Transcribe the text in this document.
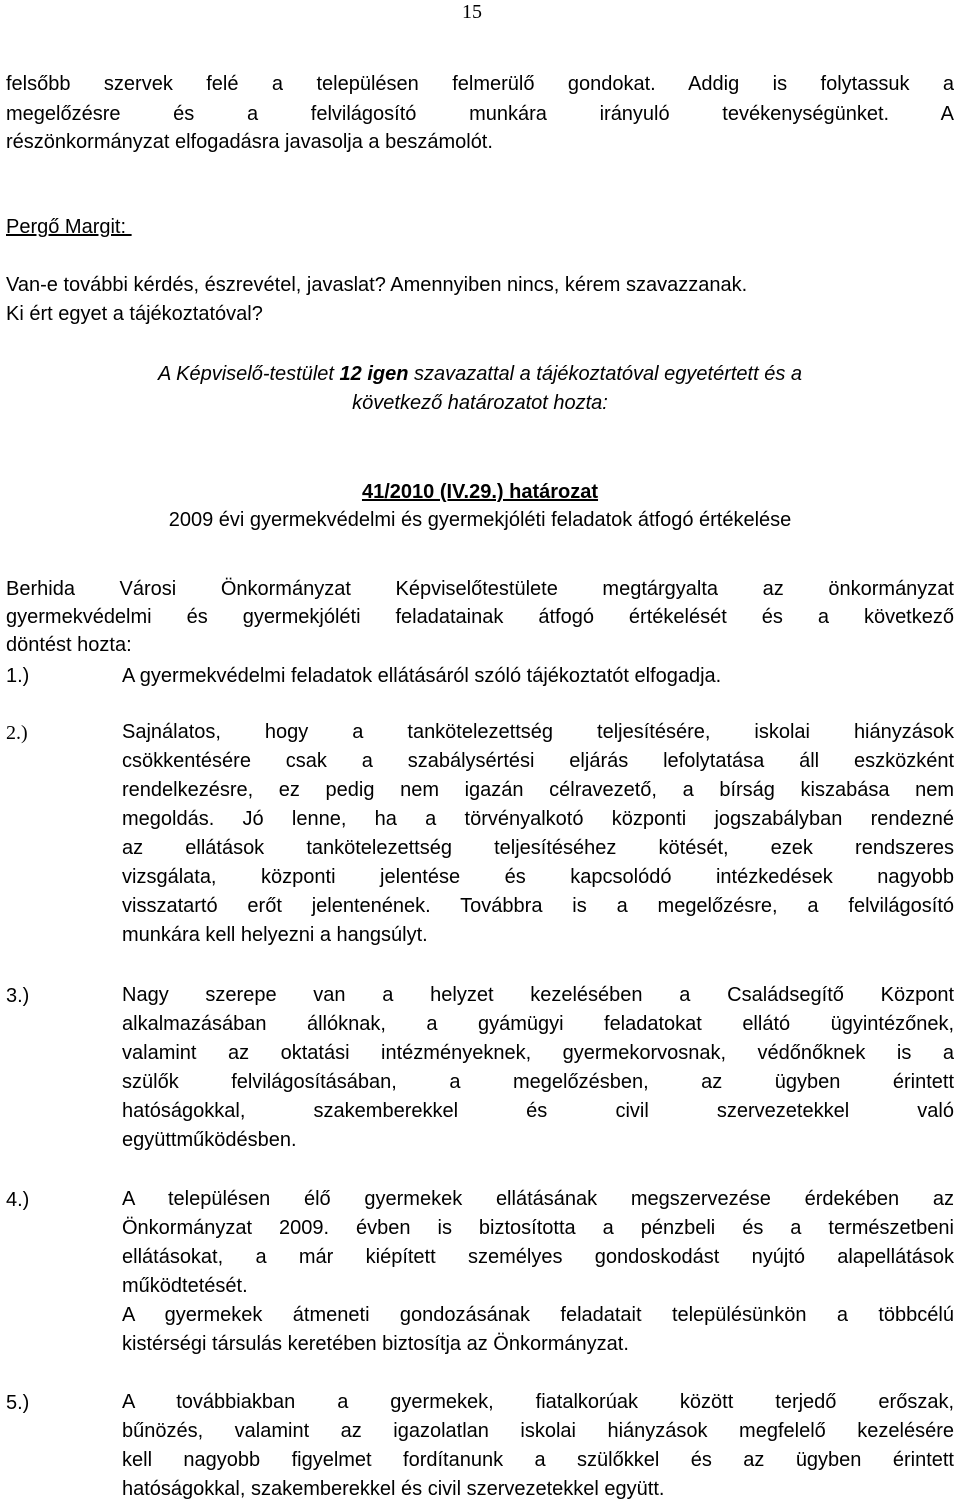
15
felsőbb szervek felé a településen felmerülő gondokat. Addig is folytassuk a
megelőzésre és a felvilágosító munkára irányuló tevékenységünket. A
részönkormányzat elfogadásra javasolja a beszámolót.
Pergő Margit:
Van-e további kérdés, észrevétel, javaslat? Amennyiben nincs, kérem szavazzanak.
Ki ért egyet a tájékoztatóval?
A Képviselő-testület 12 igen szavazattal a tájékoztatóval egyetértett és a
következő határozatot hozta:
41/2010 (IV.29.) határozat
2009 évi gyermekvédelmi és gyermekjóléti feladatok átfogó értékelése
Berhida Városi Önkormányzat Képviselőtestülete megtárgyalta az önkormányzat
gyermekvédelmi és gyermekjóléti feladatainak átfogó értékelését és a következő
döntést hozta:
1.)	A gyermekvédelmi feladatok ellátásáról szóló tájékoztatót elfogadja.
2.)	Sajnálatos, hogy a tankötelezettség teljesítésére, iskolai hiányzások
csökkentésére csak a szabálysértési eljárás lefolytatása áll eszközként
rendelkezésre, ez pedig nem igazán célravezető, a bírság kiszabása nem
megoldás. Jó lenne, ha a törvényalkotó központi jogszabályban rendezné
az ellátások tankötelezettség teljesítéséhez kötését, ezek rendszeres
vizsgálata, központi jelentése és kapcsolódó intézkedések nagyobb
visszatartó erőt jelentenének. Továbbra is a megelőzésre, a felvilágosító
munkára kell helyezni a hangsúlyt.
3.)	Nagy szerepe van a helyzet kezelésében a Családsegítő Központ
alkalmazásában állóknak, a gyámügyi feladatokat ellátó ügyintézőnek,
valamint az oktatási intézményeknek, gyermekorvosnak, védőnőknek is a
szülők felvilágosításában, a megelőzésben, az ügyben érintett
hatóságokkal, szakemberekkel és civil szervezetekkel való
együttműködésben.
4.)	A településen élő gyermekek ellátásának megszervezése érdekében az
Önkormányzat 2009. évben is biztosította a pénzbeli és a természetbeni
ellátásokat, a már kiépített személyes gondoskodást nyújtó alapellátások
működtetését.
A gyermekek átmeneti gondozásának feladatait településünkön a többcélú
kistérségi társulás keretében biztosítja az Önkormányzat.
5.)	A továbbiakban a gyermekek, fiatalkorúak között terjedő erőszak,
bűnözés, valamint az igazolatlan iskolai hiányzások megfelelő kezelésére
kell nagyobb figyelmet fordítanunk a szülőkkel és az ügyben érintett
hatóságokkal, szakemberekkel és civil szervezetekkel együtt.
